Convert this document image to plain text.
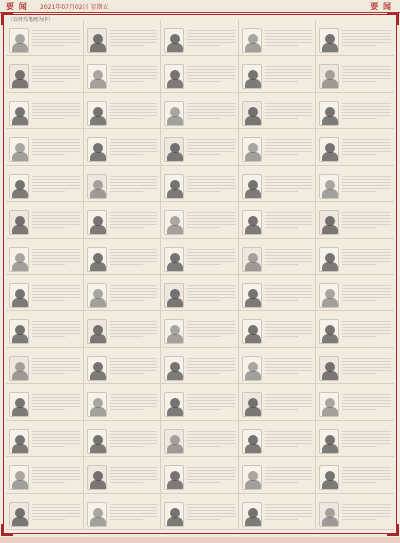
要 闻 2021年07月02日 星期五	要 闻
（以姓氏笔画为序）
